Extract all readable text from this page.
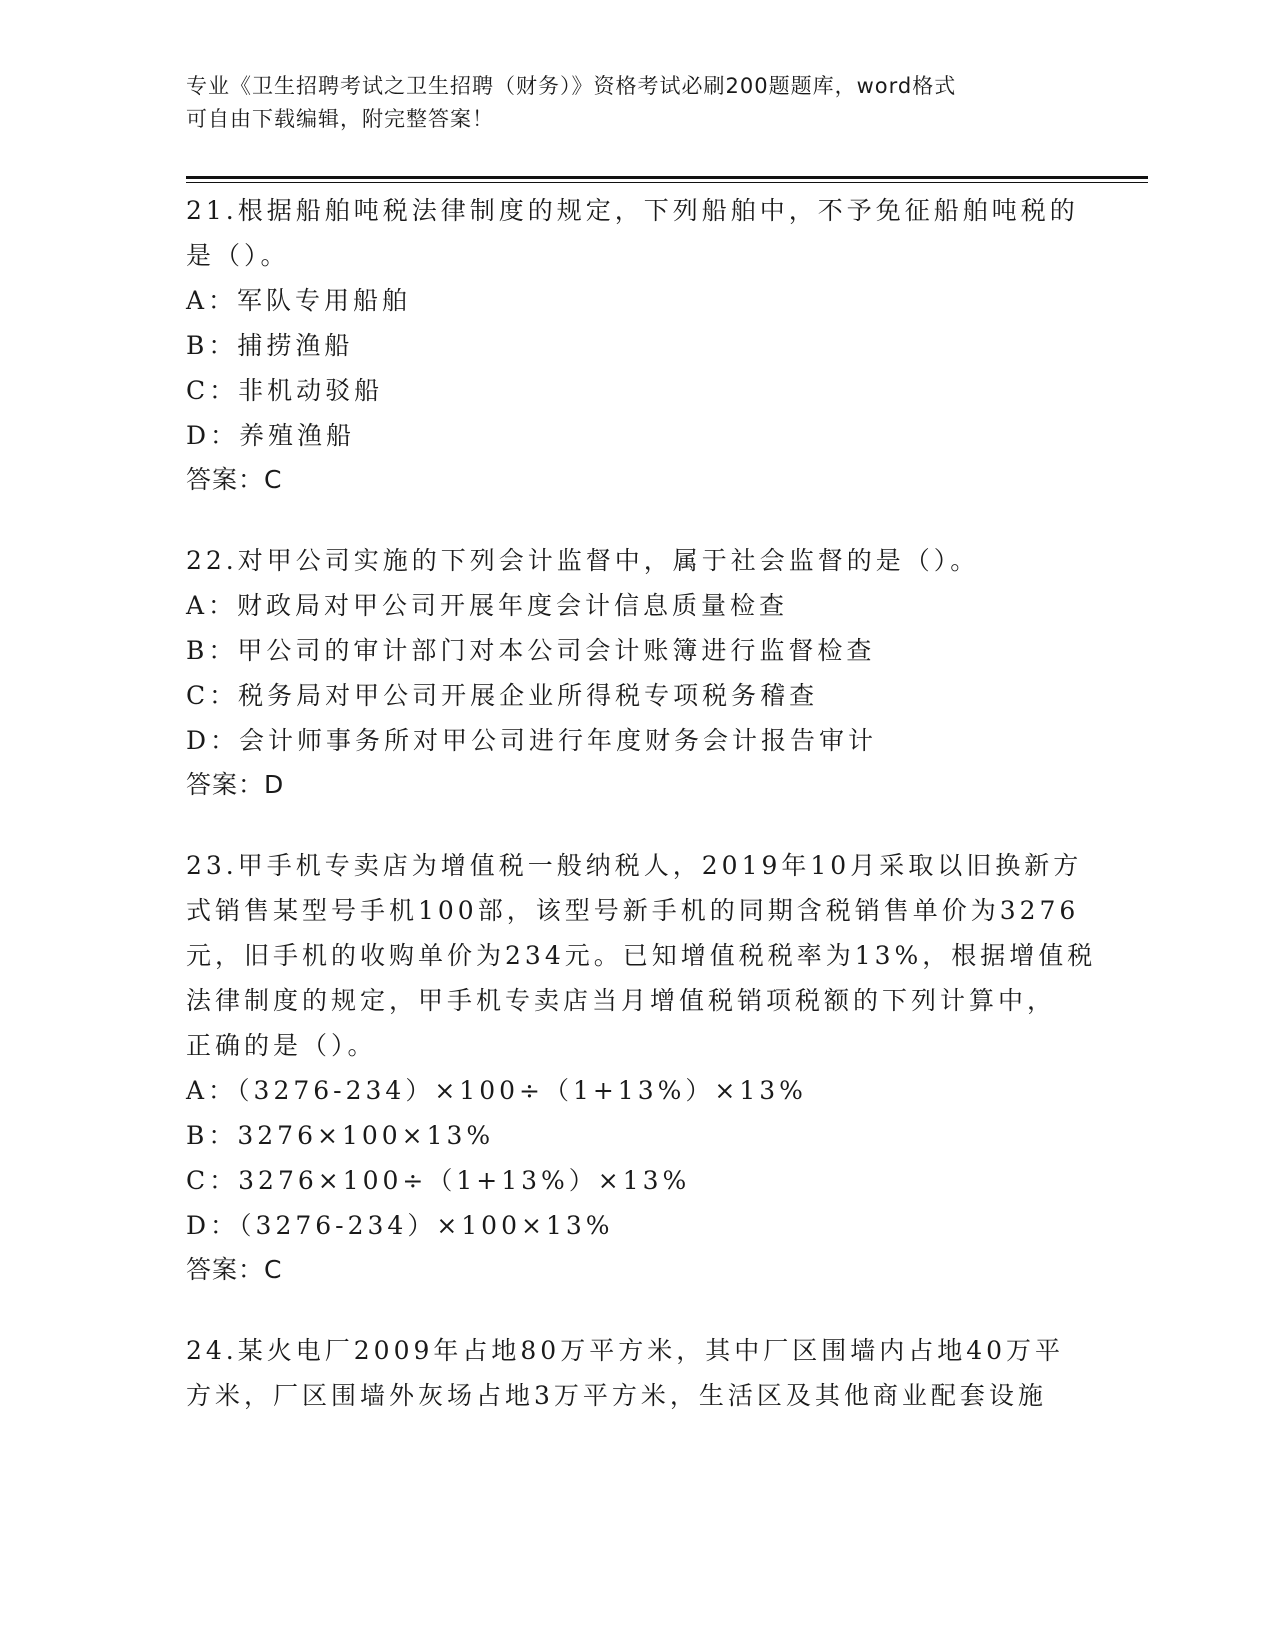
专业《卫生招聘考试之卫生招聘（财务）》资格考试必刷200题题库，word格式
可自由下载编辑，附完整答案！
21.根据船舶吨税法律制度的规定，下列船舶中，不予免征船舶吨税的
是（）。
A：军队专用船舶
B：捕捞渔船
C：非机动驳船
D：养殖渔船
答案：C
22.对甲公司实施的下列会计监督中，属于社会监督的是（）。
A：财政局对甲公司开展年度会计信息质量检查
B：甲公司的审计部门对本公司会计账簿进行监督检查
C：税务局对甲公司开展企业所得税专项税务稽查
D：会计师事务所对甲公司进行年度财务会计报告审计
答案：D
23.甲手机专卖店为增值税一般纳税人，2019年10月采取以旧换新方
式销售某型号手机100部，该型号新手机的同期含税销售单价为3276
元，旧手机的收购单价为234元。已知增值税税率为13%，根据增值税
法律制度的规定，甲手机专卖店当月增值税销项税额的下列计算中，
正确的是（）。
A：（3276-234）×100÷（1+13%）×13%
B：3276×100×13%
C：3276×100÷（1+13%）×13%
D：（3276-234）×100×13%
答案：C
24.某火电厂2009年占地80万平方米，其中厂区围墙内占地40万平
方米，厂区围墙外灰场占地3万平方米，生活区及其他商业配套设施
